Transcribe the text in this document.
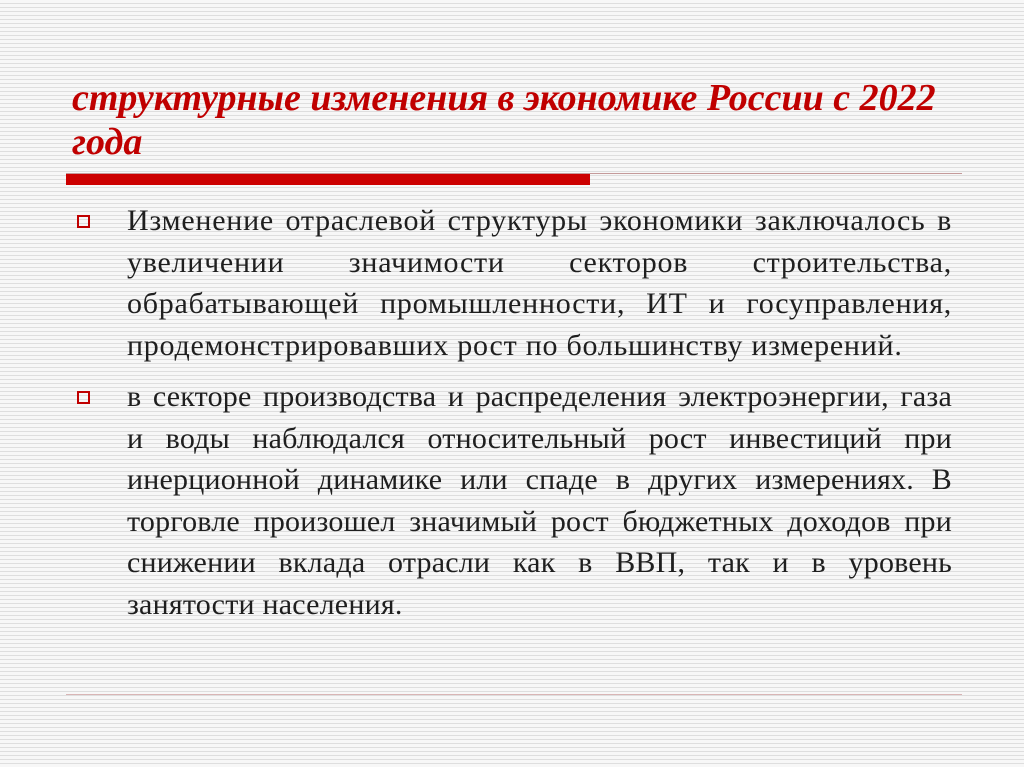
структурные изменения в экономике России с 2022 года
Изменение отраслевой структуры экономики заключалось в увеличении значимости секторов строительства, обрабатывающей промышленности, ИТ и госуправления, продемонстрировавших рост по большинству измерений.
в секторе производства и распределения электроэнергии, газа и воды наблюдался относительный рост инвестиций при инерционной динамике или спаде в других измерениях. В торговле произошел значимый рост бюджетных доходов при снижении вклада отрасли как в ВВП, так и в уровень занятости населения.
